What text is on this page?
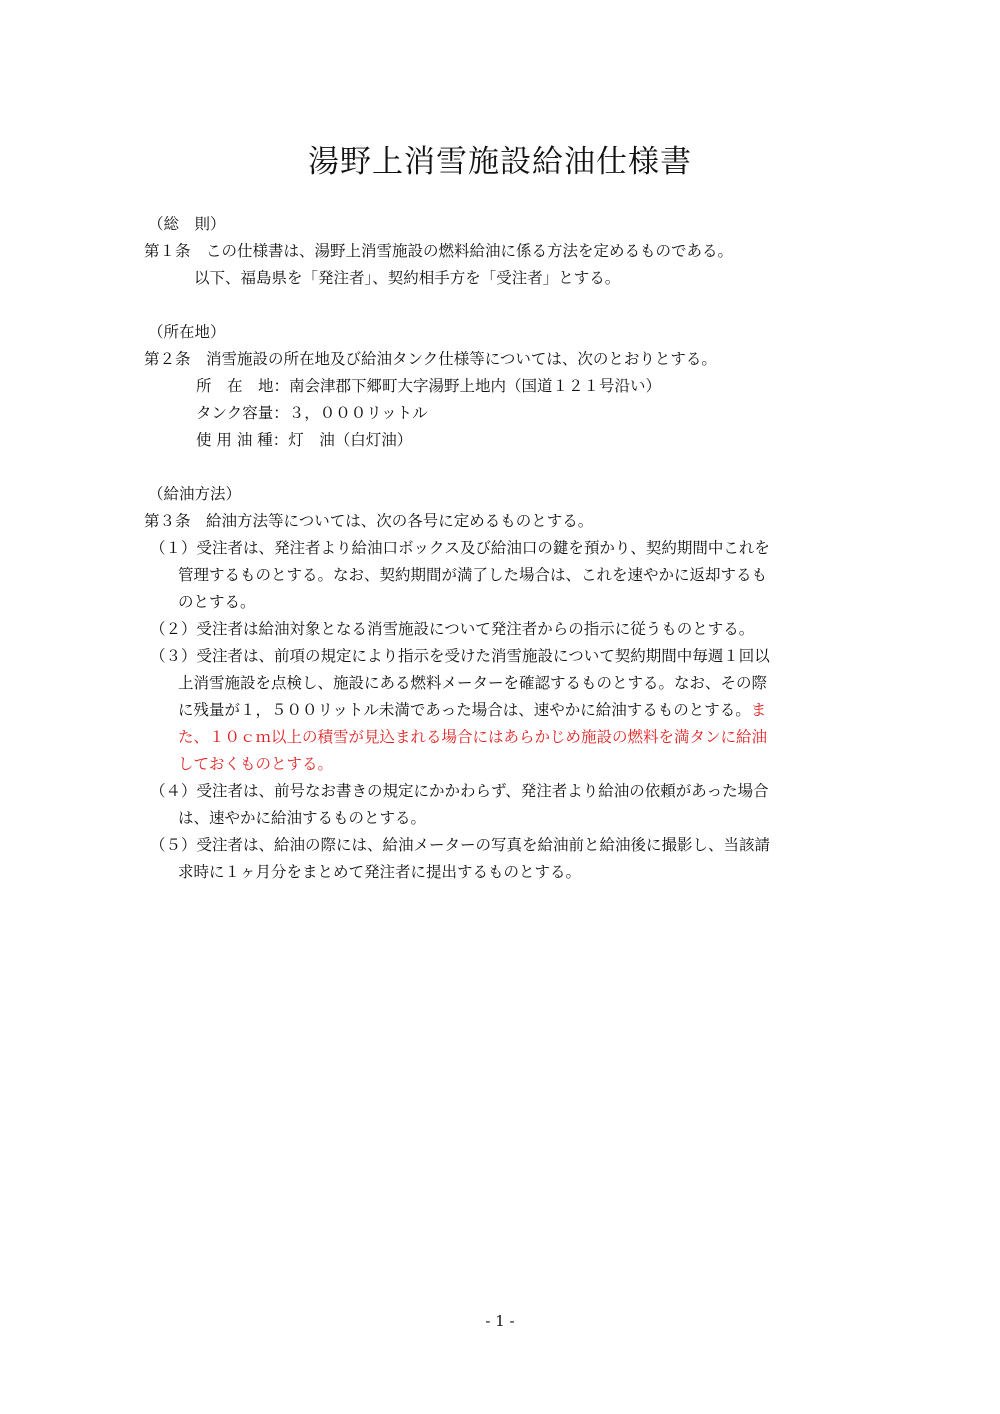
湯野上消雪施設給油仕様書
（総　則）
第１条　この仕様書は、湯野上消雪施設の燃料給油に係る方法を定めるものである。
以下、福島県を「発注者」、契約相手方を「受注者」とする。
（所在地）
第２条　消雪施設の所在地及び給油タンク仕様等については、次のとおりとする。
所　在　地：南会津郡下郷町大字湯野上地内（国道１２１号沿い）
タンク容量：３，０００リットル
使 用 油 種：灯　油（白灯油）
（給油方法）
第３条　給油方法等については、次の各号に定めるものとする。
（１）受注者は、発注者より給油口ボックス及び給油口の鍵を預かり、契約期間中これを
管理するものとする。なお、契約期間が満了した場合は、これを速やかに返却するも
のとする。
（２）受注者は給油対象となる消雪施設について発注者からの指示に従うものとする。
（３）受注者は、前項の規定により指示を受けた消雪施設について契約期間中毎週１回以
上消雪施設を点検し、施設にある燃料メーターを確認するものとする。なお、その際
に残量が１，５００リットル未満であった場合は、速やかに給油するものとする。ま
た、１０ｃｍ以上の積雪が見込まれる場合にはあらかじめ施設の燃料を満タンに給油
しておくものとする。
（４）受注者は、前号なお書きの規定にかかわらず、発注者より給油の依頼があった場合
は、速やかに給油するものとする。
（５）受注者は、給油の際には、給油メーターの写真を給油前と給油後に撮影し、当該請
求時に１ヶ月分をまとめて発注者に提出するものとする。
- 1 -
